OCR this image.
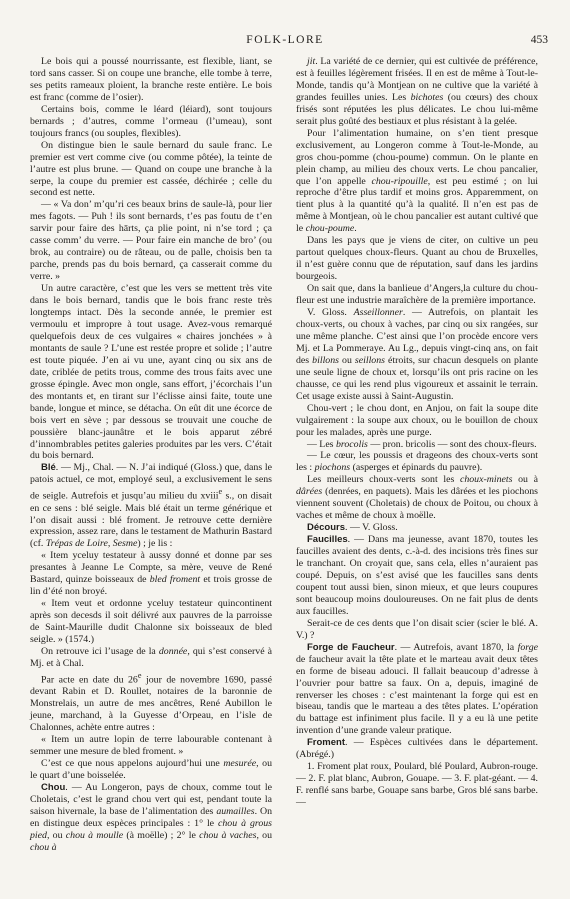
FOLK-LORE	453

Le bois qui a poussé nourrissante, est flexible, liant, se tord sans casser. Si on coupe une branche, elle tombe à terre, ses petits rameaux ploient, la branche reste entière. Le bois est franc (comme de l’osier).

Certains bois, comme le léard (léiard), sont toujours bernards ; d’autres, comme l’ormeau (l’umeau), sont toujours francs (ou souples, flexibles).

On distingue bien le saule bernard du saule franc. Le premier est vert comme cive (ou comme pôtée), la teinte de l’autre est plus brune. — Quand on coupe une branche à la serpe, la coupe du premier est cassée, déchirée ; celle du second est nette.

— « Va don’ m’qu’ri ces beaux brins de saule-là, pour lier mes fagots. — Puh ! ils sont bernards, t’es pas foutu de t’en sarvir pour faire des hārts, ça plie point, ni n’se tord ; ça casse comm’ du verre. — Pour faire ein manche de bro’ (ou brok, au contraire) ou de râteau, ou de palle, choisis ben ta parche, prends pas du bois bernard, ça casserait comme du verre. »

Un autre caractère, c’est que les vers se mettent très vite dans le bois bernard, tandis que le bois franc reste très longtemps intact. Dès la seconde année, le premier est vermoulu et impropre à tout usage. Avez-vous remarqué quelquefois deux de ces vulgaires « chaires jonchées » à montants de saule ? L’une est restée propre et solide ; l’autre est toute piquée. J’en ai vu une, ayant cinq ou six ans de date, criblée de petits trous, comme des trous faits avec une grosse épingle. Avec mon ongle, sans effort, j’écorchais l’un des montants et, en tirant sur l’éclisse ainsi faite, toute une bande, longue et mince, se détacha. On eût dit une écorce de bois vert en sève ; par dessous se trouvait une couche de poussière blanc-jaunâtre et le bois apparut zébré d’innombrables petites galeries produites par les vers. C’était du bois bernard.

Blé. — Mj., Chal. — N. J’ai indiqué (Gloss.) que, dans le patois actuel, ce mot, employé seul, a exclusivement le sens de seigle. Autrefois et jusqu’au milieu du xviii$^e$ s., on disait en ce sens : blé seigle. Mais blé était un terme générique et l’on disait aussi : blé froment. Je retrouve cette dernière expression, assez rare, dans le testament de Mathurin Bastard (cf. Trépas de Loire, Sesme) ; je lis :

« Item yceluy testateur à aussy donné et donne par ses presantes à Jeanne Le Compte, sa mère, veuve de René Bastard, quinze boisseaux de bled froment et trois grosse de lin d’été non broyé.

« Item veut et ordonne yceluy testateur quincontinent après son decesds il soit délivré aux pauvres de la parroisse de Saint-Maurille dudit Chalonne six boisseaux de bled seigle. » (1574.)

On retrouve ici l’usage de la donnée, qui s’est conservé à Mj. et à Chal.

Par acte en date du 26e jour de novembre 1690, passé devant Rabin et D. Roullet, notaires de la baronnie de Monstrelais, un autre de mes ancêtres, René Aubillon le jeune, marchand, à la Guyesse d’Orpeau, en l’isle de Chalonnes, achète entre autres :

« Item un autre lopin de terre labourable contenant à semmer une mesure de bled froment. »

C’est ce que nous appelons aujourd’hui une mesurée, ou le quart d’une boisselée.

Chou. — Au Longeron, pays de choux, comme tout le Choletais, c’est le grand chou vert qui est, pendant toute la saison hivernale, la base de l’alimentation des aumailles. On en distingue deux espèces principales : 1° le chou à grous pied, ou chou à moulle (à moëlle) ; 2° le chou à vaches, ou chou à

jit. La variété de ce dernier, qui est cultivée de préférence, est à feuilles légèrement frisées. Il en est de même à Tout-le-Monde, tandis qu’à Montjean on ne cultive que la variété à grandes feuilles unies. Les bichotes (ou cœurs) des choux frisés sont réputées les plus délicates. Le chou lui-même serait plus goûté des bestiaux et plus résistant à la gelée.

Pour l’alimentation humaine, on s’en tient presque exclusivement, au Longeron comme à Tout-le-Monde, au gros chou-pomme (chou-poume) commun. On le plante en plein champ, au milieu des choux verts. Le chou pancalier, que l’on appelle chou-ripouille, est peu estimé ; on lui reproche d’être plus tardif et moins gros. Apparemment, on tient plus à la quantité qu’à la qualité. Il n’en est pas de même à Montjean, où le chou pancalier est autant cultivé que le chou-poume.

Dans les pays que je viens de citer, on cultive un peu partout quelques choux-fleurs. Quant au chou de Bruxelles, il n’est guère connu que de réputation, sauf dans les jardins bourgeois.

On sait que, dans la banlieue d’Angers,la culture du chou-fleur est une industrie maraîchère de la première importance.

V. Gloss. Asseillonner. — Autrefois, on plantait les choux-verts, ou choux à vaches, par cinq ou six rangées, sur une même planche. C’est ainsi que l’on procède encore vers Mj. et La Pommeraye. Au Lg., depuis vingt-cinq ans, on fait des billons ou seillons étroits, sur chacun desquels on plante une seule ligne de choux et, lorsqu’ils ont pris racine on les chausse, ce qui les rend plus vigoureux et assainit le terrain. Cet usage existe aussi à Saint-Augustin.

Chou-vert ; le chou dont, en Anjou, on fait la soupe dite vulgairement : la soupe aux choux, ou le bouillon de choux pour les malades, après une purge.

— Les brocolis — pron. bricolis — sont des choux-fleurs.

— Le cœur, les poussis et drageons des choux-verts sont les : piochons (asperges et épinards du pauvre).

Les meilleurs choux-verts sont les choux-minets ou à dârées (denrées, en paquets). Mais les dârées et les piochons viennent souvent (Choletais) de choux de Poitou, ou choux à vaches et même de choux à moëlle.

Décours. — V. Gloss.

Faucilles. — Dans ma jeunesse, avant 1870, toutes les faucilles avaient des dents, c.-à-d. des incisions très fines sur le tranchant. On croyait que, sans cela, elles n’auraient pas coupé. Depuis, on s’est avisé que les faucilles sans dents coupent tout aussi bien, sinon mieux, et que leurs coupures sont beaucoup moins douloureuses. On ne fait plus de dents aux faucilles.

Serait-ce de ces dents que l’on disait scier (scier le blé. A. V.) ?

Forge de Faucheur. — Autrefois, avant 1870, la forge de faucheur avait la tête plate et le marteau avait deux têtes en forme de biseau adouci. Il fallait beaucoup d’adresse à l’ouvrier pour battre sa faux. On a, depuis, imaginé de renverser les choses : c’est maintenant la forge qui est en biseau, tandis que le marteau a des têtes plates. L’opération du battage est infiniment plus facile. Il y a eu là une petite invention d’une grande valeur pratique.

Froment. — Espèces cultivées dans le département. (Abrégé.)

1. Froment plat roux, Poulard, blé Poulard, Aubron-rouge. — 2. F. plat blanc, Aubron, Gouape. — 3. F. plat-géant. — 4. F. renflé sans barbe, Gouape sans barbe, Gros blé sans barbe. —
